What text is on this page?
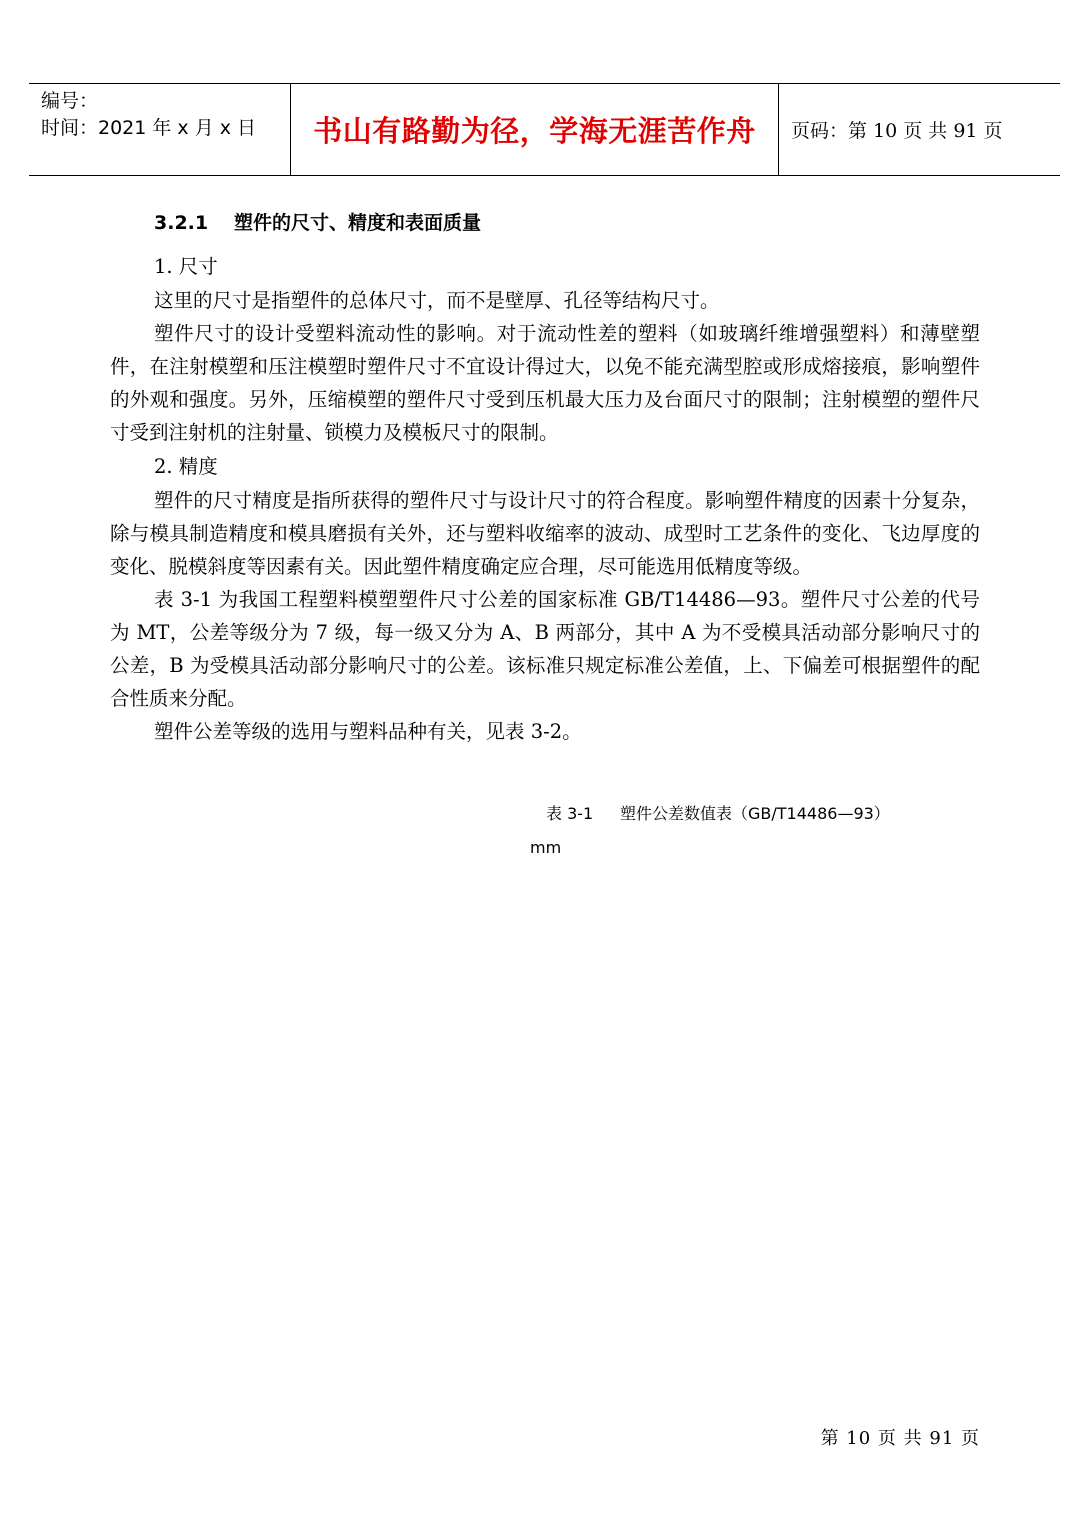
编号：
时间：2021 年 x 月 x 日	书山有路勤为径，学海无涯苦作舟 页码：第 10 页 共 91 页
3.2.1 塑件的尺寸、精度和表面质量
1. 尺寸

这里的尺寸是指塑件的总体尺寸，而不是壁厚、孔径等结构尺寸。

塑件尺寸的设计受塑料流动性的影响。对于流动性差的塑料（如玻璃纤维增强塑料）和薄壁塑件，在注射模塑和压注模塑时塑件尺寸不宜设计得过大，以免不能充满型腔或形成熔接痕，影响塑件的外观和强度。另外，压缩模塑的塑件尺寸受到压机最大压力及台面尺寸的限制；注射模塑的塑件尺寸受到注射机的注射量、锁模力及模板尺寸的限制。

2. 精度

塑件的尺寸精度是指所获得的塑件尺寸与设计尺寸的符合程度。影响塑件精度的因素十分复杂，除与模具制造精度和模具磨损有关外，还与塑料收缩率的波动、成型时工艺条件的变化、飞边厚度的变化、脱模斜度等因素有关。因此塑件精度确定应合理，尽可能选用低精度等级。

表 3-1 为我国工程塑料模塑塑件尺寸公差的国家标准 GB/T14486—93。塑件尺寸公差的代号为 MT，公差等级分为 7 级，每一级又分为 A、B 两部分，其中 A 为不受模具活动部分影响尺寸的公差，B 为受模具活动部分影响尺寸的公差。该标准只规定标准公差值，上、下偏差可根据塑件的配合性质来分配。

塑件公差等级的选用与塑料品种有关，见表 3-2。

表 3-1 塑件公差数值表（GB/T14486—93）
mm
第 10 页 共 91 页
